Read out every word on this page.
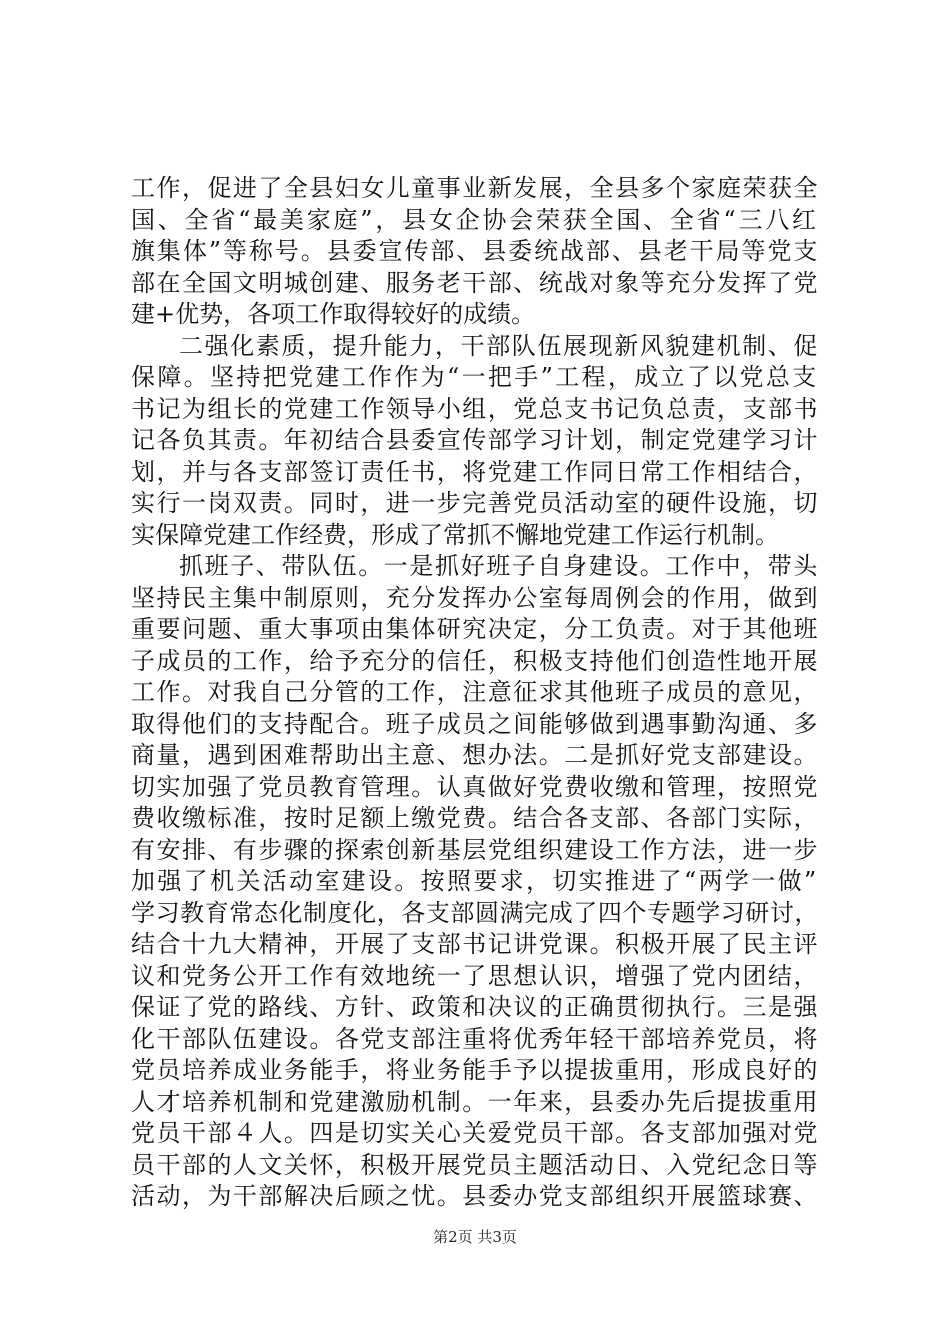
工作，促进了全县妇女儿童事业新发展，全县多个家庭荣获全
国、全省“最美家庭”，县女企协会荣获全国、全省“三八红
旗集体”等称号。县委宣传部、县委统战部、县老干局等党支
部在全国文明城创建、服务老干部、统战对象等充分发挥了党
建+优势，各项工作取得较好的成绩。
二强化素质，提升能力，干部队伍展现新风貌建机制、促
保障。坚持把党建工作作为“一把手”工程，成立了以党总支
书记为组长的党建工作领导小组，党总支书记负总责，支部书
记各负其责。年初结合县委宣传部学习计划，制定党建学习计
划，并与各支部签订责任书，将党建工作同日常工作相结合，
实行一岗双责。同时，进一步完善党员活动室的硬件设施，切
实保障党建工作经费，形成了常抓不懈地党建工作运行机制。
抓班子、带队伍。一是抓好班子自身建设。工作中，带头
坚持民主集中制原则，充分发挥办公室每周例会的作用，做到
重要问题、重大事项由集体研究决定，分工负责。对于其他班
子成员的工作，给予充分的信任，积极支持他们创造性地开展
工作。对我自己分管的工作，注意征求其他班子成员的意见，
取得他们的支持配合。班子成员之间能够做到遇事勤沟通、多
商量，遇到困难帮助出主意、想办法。二是抓好党支部建设。
切实加强了党员教育管理。认真做好党费收缴和管理，按照党
费收缴标准，按时足额上缴党费。结合各支部、各部门实际，
有安排、有步骤的探索创新基层党组织建设工作方法，进一步
加强了机关活动室建设。按照要求，切实推进了“两学一做”
学习教育常态化制度化，各支部圆满完成了四个专题学习研讨，
结合十九大精神，开展了支部书记讲党课。积极开展了民主评
议和党务公开工作有效地统一了思想认识，增强了党内团结，
保证了党的路线、方针、政策和决议的正确贯彻执行。三是强
化干部队伍建设。各党支部注重将优秀年轻干部培养党员，将
党员培养成业务能手，将业务能手予以提拔重用，形成良好的
人才培养机制和党建激励机制。一年来，县委办先后提拔重用
党员干部４人。四是切实关心关爱党员干部。各支部加强对党
员干部的人文关怀，积极开展党员主题活动日、入党纪念日等
活动，为干部解决后顾之忧。县委办党支部组织开展篮球赛、
第2页 共3页
